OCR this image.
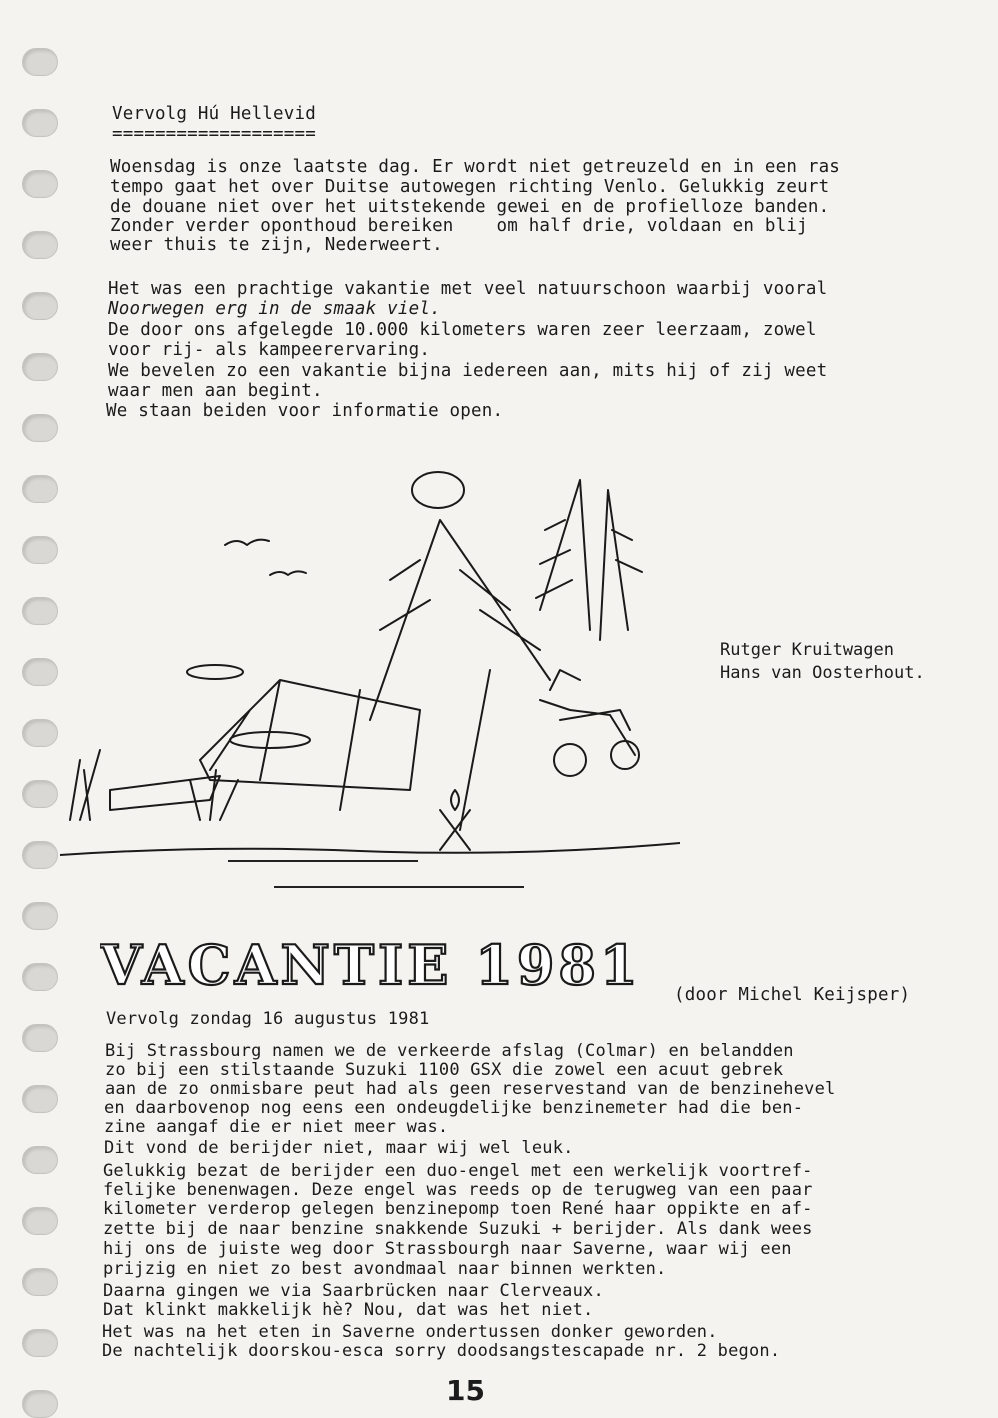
Vervolg Hú Hellevid
===================
Woensdag is onze laatste dag. Er wordt niet getreuzeld en in een ras
tempo gaat het over Duitse autowegen richting Venlo. Gelukkig zeurt
de douane niet over het uitstekende gewei en de profielloze banden.
Zonder verder oponthoud bereiken    om half drie, voldaan en blij
weer thuis te zijn, Nederweert.
Het was een prachtige vakantie met veel natuurschoon waarbij vooral
Noorwegen erg in de smaak viel.
De door ons afgelegde 10.000 kilometers waren zeer leerzaam, zowel
voor rij- als kampeerervaring.
We bevelen zo een vakantie bijna iedereen aan, mits hij of zij weet
waar men aan begint.
We staan beiden voor informatie open.
Rutger Kruitwagen
Hans van Oosterhout.
VACANTIE 1981 (door Michel Keijsper)
Vervolg zondag 16 augustus 1981
Bij Strassbourg namen we de verkeerde afslag (Colmar) en belandden
zo bij een stilstaande Suzuki 1100 GSX die zowel een acuut gebrek
aan de zo onmisbare peut had als geen reservestand van de benzinehevel
en daarbovenop nog eens een ondeugdelijke benzinemeter had die ben-
zine aangaf die er niet meer was.
Dit vond de berijder niet, maar wij wel leuk.
Gelukkig bezat de berijder een duo-engel met een werkelijk voortref-
felijke benenwagen. Deze engel was reeds op de terugweg van een paar
kilometer verderop gelegen benzinepomp toen René haar oppikte en af-
zette bij de naar benzine snakkende Suzuki + berijder. Als dank wees
hij ons de juiste weg door Strassbourgh naar Saverne, waar wij een
prijzig en niet zo best avondmaal naar binnen werkten.
Daarna gingen we via Saarbrücken naar Clerveaux.
Dat klinkt makkelijk hè? Nou, dat was het niet.
Het was na het eten in Saverne ondertussen donker geworden.
De nachtelijk doorskou-esca sorry doodsangstescapade nr. 2 begon.
15
